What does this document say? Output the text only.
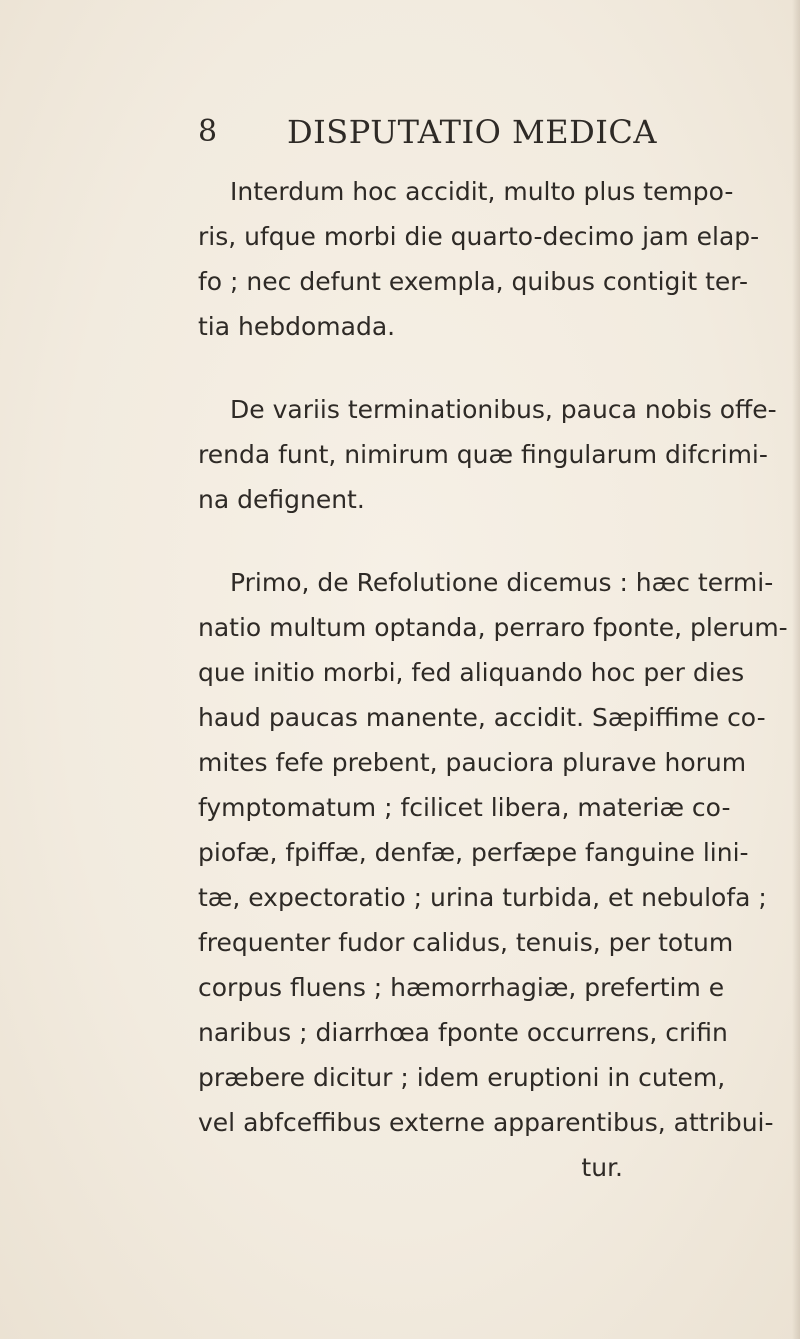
8 DISPUTATIO MEDICA
Interdum hoc accidit, multo plus tempo-
ris, ufque morbi die quarto-decimo jam elap-
fo ; nec defunt exempla, quibus contigit ter-
tia hebdomada.
De variis terminationibus, pauca nobis offe-
renda funt, nimirum quæ fingularum difcrimi-
na defignent.
Primo, de Refolutione dicemus : hæc termi-
natio multum optanda, perraro fponte, plerum-
que initio morbi, fed aliquando hoc per dies
haud paucas manente, accidit. Sæpiffime co-
mites fefe prebent, pauciora plurave horum
fymptomatum ; fcilicet libera, materiæ co-
piofæ, fpiffæ, denfæ, perfæpe fanguine lini-
tæ, expectoratio ; urina turbida, et nebulofa ;
frequenter fudor calidus, tenuis, per totum
corpus fluens ; hæmorrhagiæ, prefertim e
naribus ; diarrhœa fponte occurrens, crifin
præbere dicitur ; idem eruptioni in cutem,
vel abfceffibus externe apparentibus, attribui-
tur.
